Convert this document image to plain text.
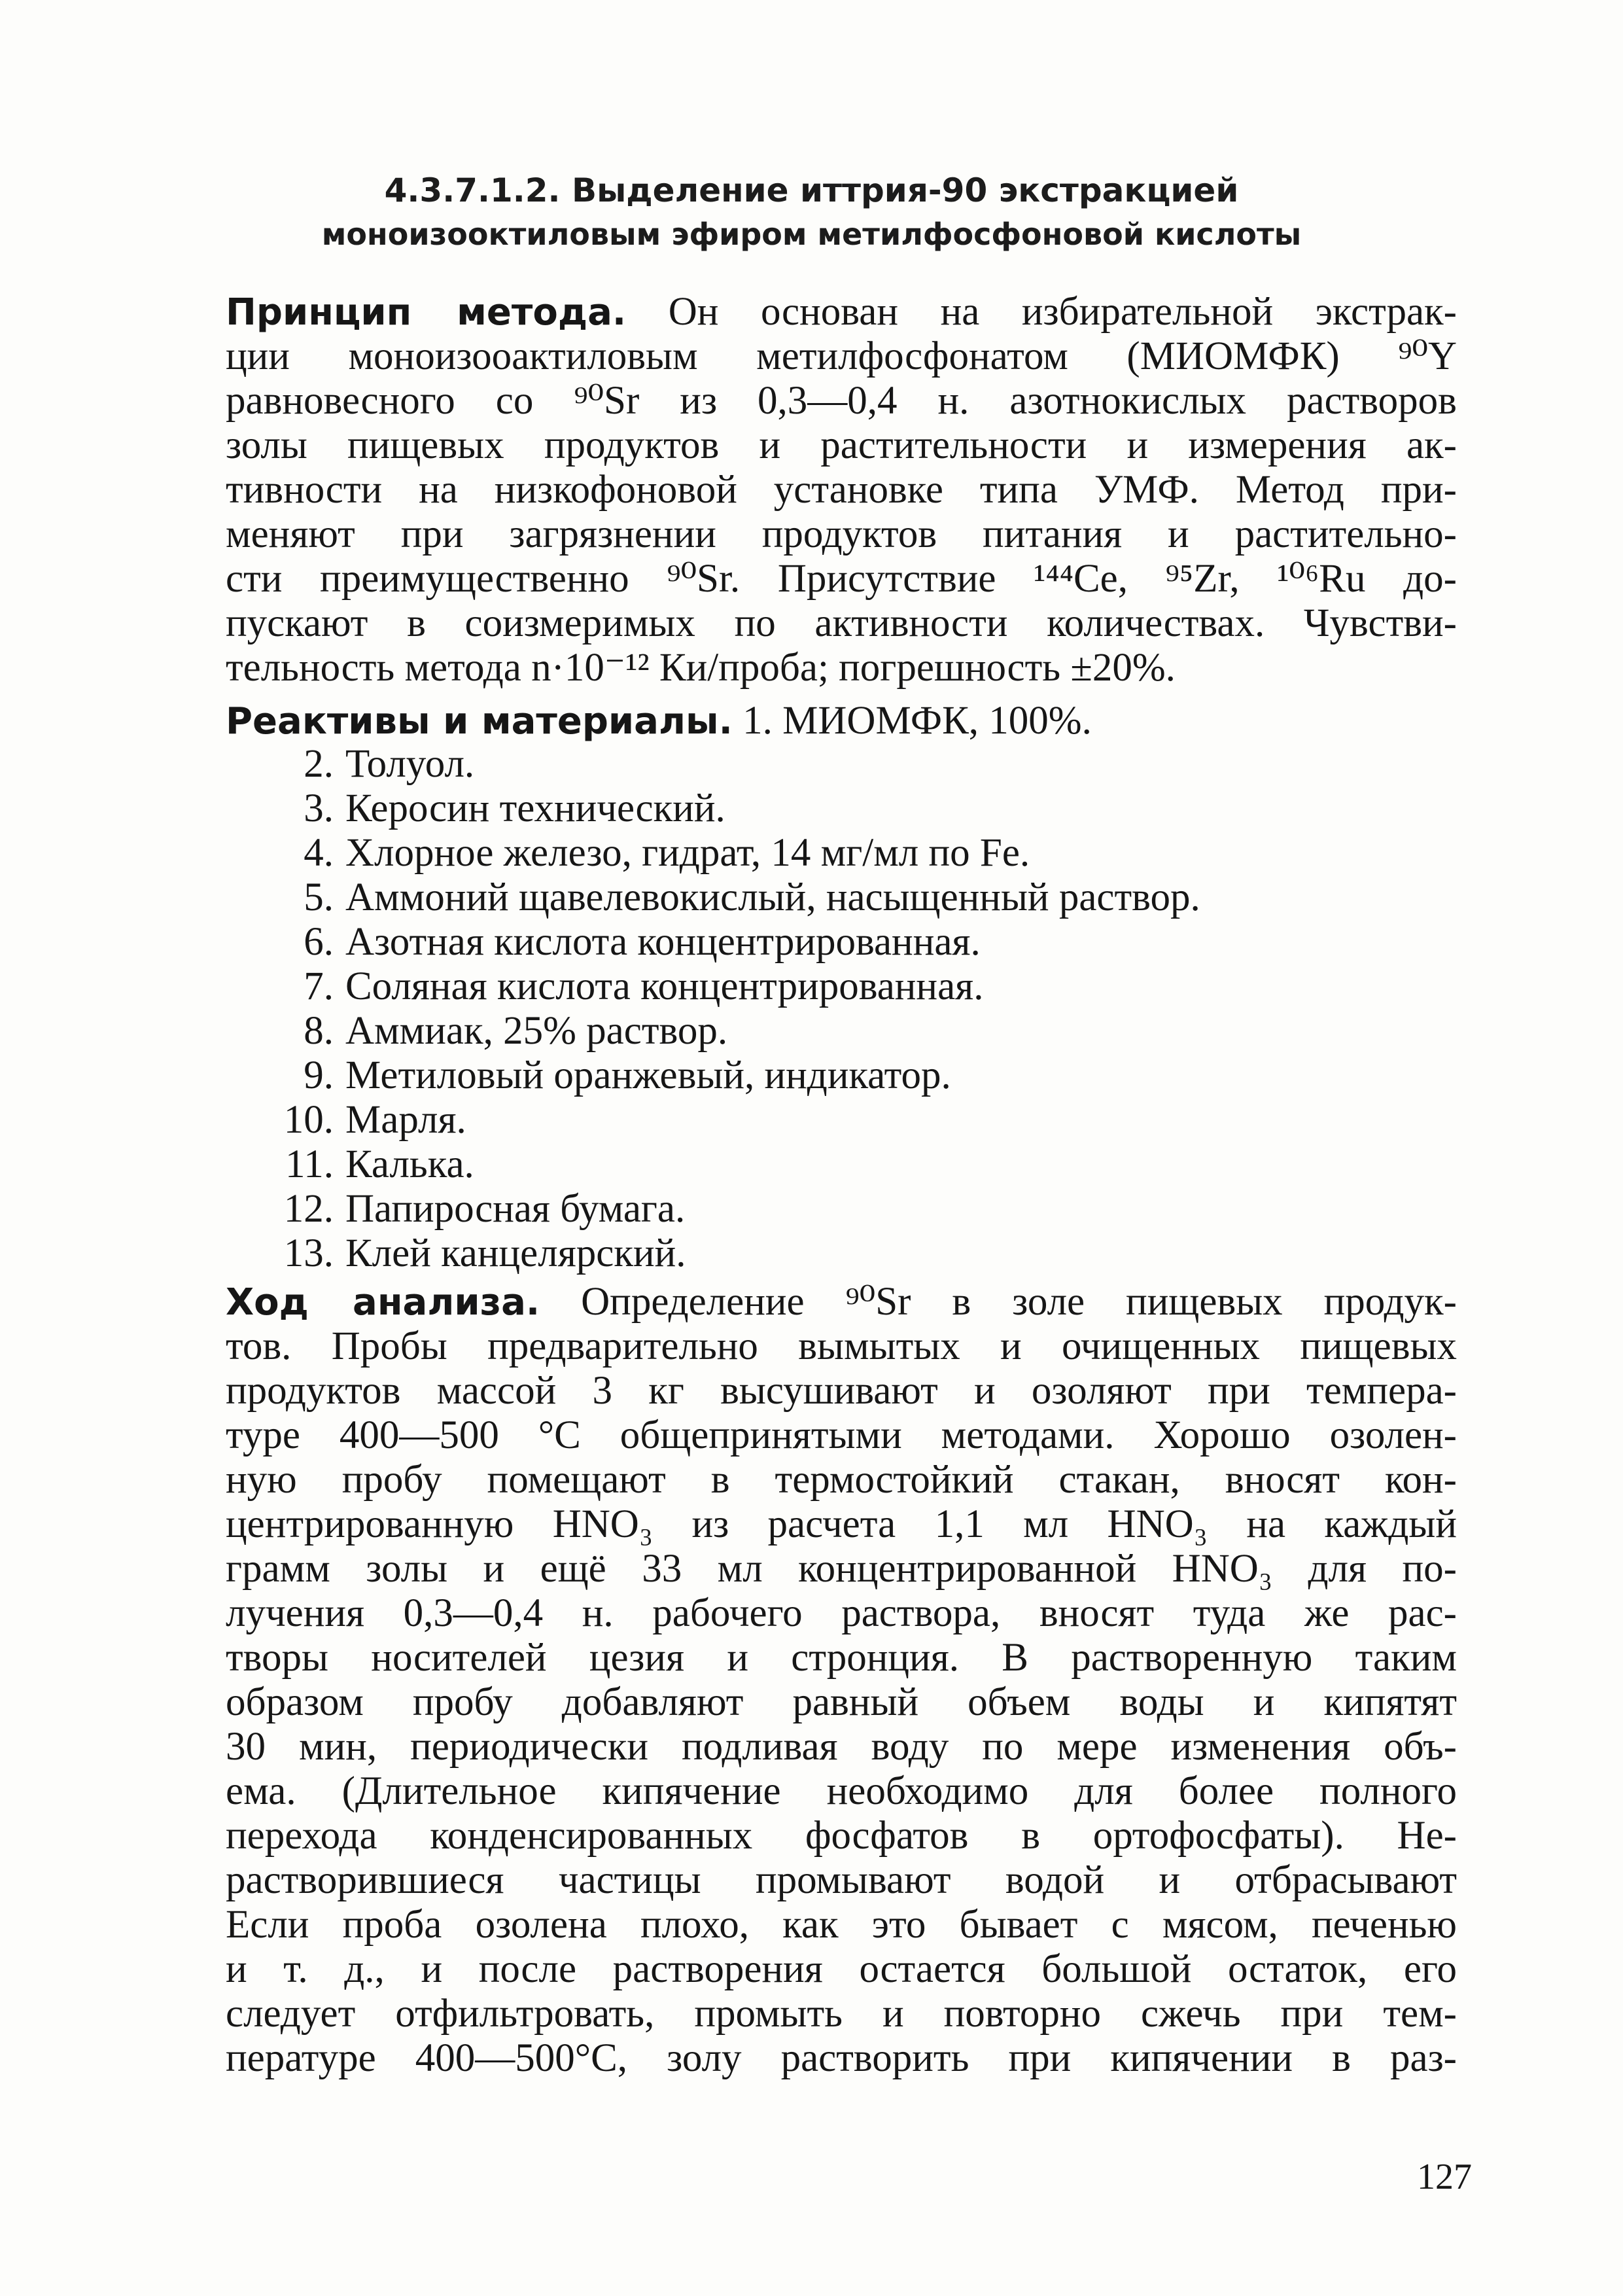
4.3.7.1.2. Выделение иттрия-90 экстракцией
моноизооктиловым эфиром метилфосфоновой кислоты
Принцип метода. Он основан на избирательной экстрак-
ции моноизооактиловым метилфосфонатом (МИОМФК) ⁹⁰Y
равновесного со ⁹⁰Sr из 0,3—0,4 н. азотнокислых растворов
золы пищевых продуктов и растительности и измерения ак-
тивности на низкофоновой установке типа УМФ. Метод при-
меняют при загрязнении продуктов питания и растительно-
сти преимущественно ⁹⁰Sr. Присутствие ¹⁴⁴Ce, ⁹⁵Zr, ¹⁰⁶Ru до-
пускают в соизмеримых по активности количествах. Чувстви-
тельность метода n·10⁻¹² Ки/проба; погрешность ±20%.
Реактивы и материалы. 1. МИОМФК, 100%.
2. Толуол.
3. Керосин технический.
4. Хлорное железо, гидрат, 14 мг/мл по Fe.
5. Аммоний щавелевокислый, насыщенный раствор.
6. Азотная кислота концентрированная.
7. Соляная кислота концентрированная.
8. Аммиак, 25% раствор.
9. Метиловый оранжевый, индикатор.
10. Марля.
11. Калька.
12. Папиросная бумага.
13. Клей канцелярский.
Ход анализа. Определение ⁹⁰Sr в золе пищевых продук-
тов. Пробы предварительно вымытых и очищенных пищевых
продуктов массой 3 кг высушивают и озоляют при темпера-
туре 400—500 °С общепринятыми методами. Хорошо озолен-
ную пробу помещают в термостойкий стакан, вносят кон-
центрированную HNO₃ из расчета 1,1 мл HNO₃ на каждый
грамм золы и ещё 33 мл концентрированной HNO₃ для по-
лучения 0,3—0,4 н. рабочего раствора, вносят туда же рас-
творы носителей цезия и стронция. В растворенную таким
образом пробу добавляют равный объем воды и кипятят
30 мин, периодически подливая воду по мере изменения объ-
ема. (Длительное кипячение необходимо для более полного
перехода конденсированных фосфатов в ортофосфаты). Не-
растворившиеся частицы промывают водой и отбрасывают
Если проба озолена плохо, как это бывает с мясом, печенью
и т. д., и после растворения остается большой остаток, его
следует отфильтровать, промыть и повторно сжечь при тем-
пературе 400—500°С, золу растворить при кипячении в раз-
127
